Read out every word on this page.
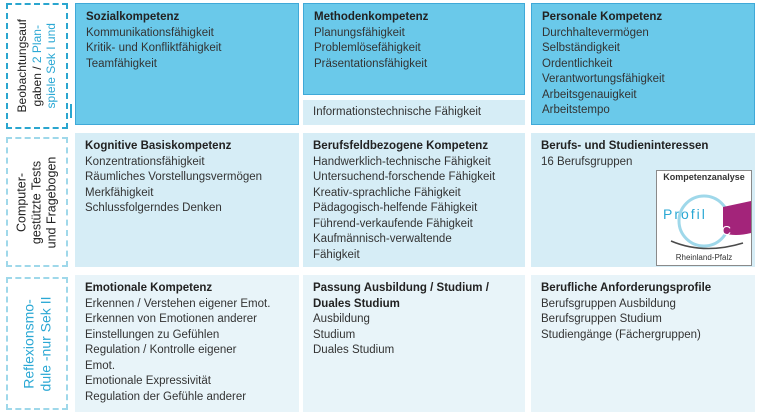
Beobachtungsauf gaben / 2 Plan- spiele Sek I und
Computer- gestützte Tests und Fragebogen
Reflexionsmo- dule -nur Sek II
Sozialkompetenz
Kommunikationsfähigkeit
Kritik- und Konfliktfähigkeit
Teamfähigkeit
Methodenkompetenz
Planungsfähigkeit
Problemlösefähigkeit
Präsentationsfähigkeit
Informationstechnische Fähigkeit
Personale Kompetenz
Durchhaltevermögen
Selbständigkeit
Ordentlichkeit
Verantwortungsfähigkeit
Arbeitsgenauigkeit
Arbeitstempo
Kognitive Basiskompetenz
Konzentrationsfähigkeit
Räumliches Vorstellungsvermögen
Merkfähigkeit
Schlussfolgerndes Denken
Berufsfeldbezogene Kompetenz
Handwerklich-technische Fähigkeit
Untersuchend-forschende Fähigkeit
Kreativ-sprachliche Fähigkeit
Pädagogisch-helfende Fähigkeit
Führend-verkaufende Fähigkeit
Kaufmännisch-verwaltende
Fähigkeit
Berufs- und Studieninteressen
16 Berufsgruppen
Kompetenzanalyse
Profil
AC
Rheinland-Pfalz
Emotionale Kompetenz
Erkennen / Verstehen eigener Emot.
Erkennen von Emotionen anderer
Einstellungen zu Gefühlen
Regulation / Kontrolle eigener
Emot.
Emotionale Expressivität
Regulation der Gefühle anderer
Passung Ausbildung / Studium /
Duales Studium
Ausbildung
Studium
Duales Studium
Berufliche Anforderungsprofile
Berufsgruppen Ausbildung
Berufsgruppen Studium
Studiengänge (Fächergruppen)
